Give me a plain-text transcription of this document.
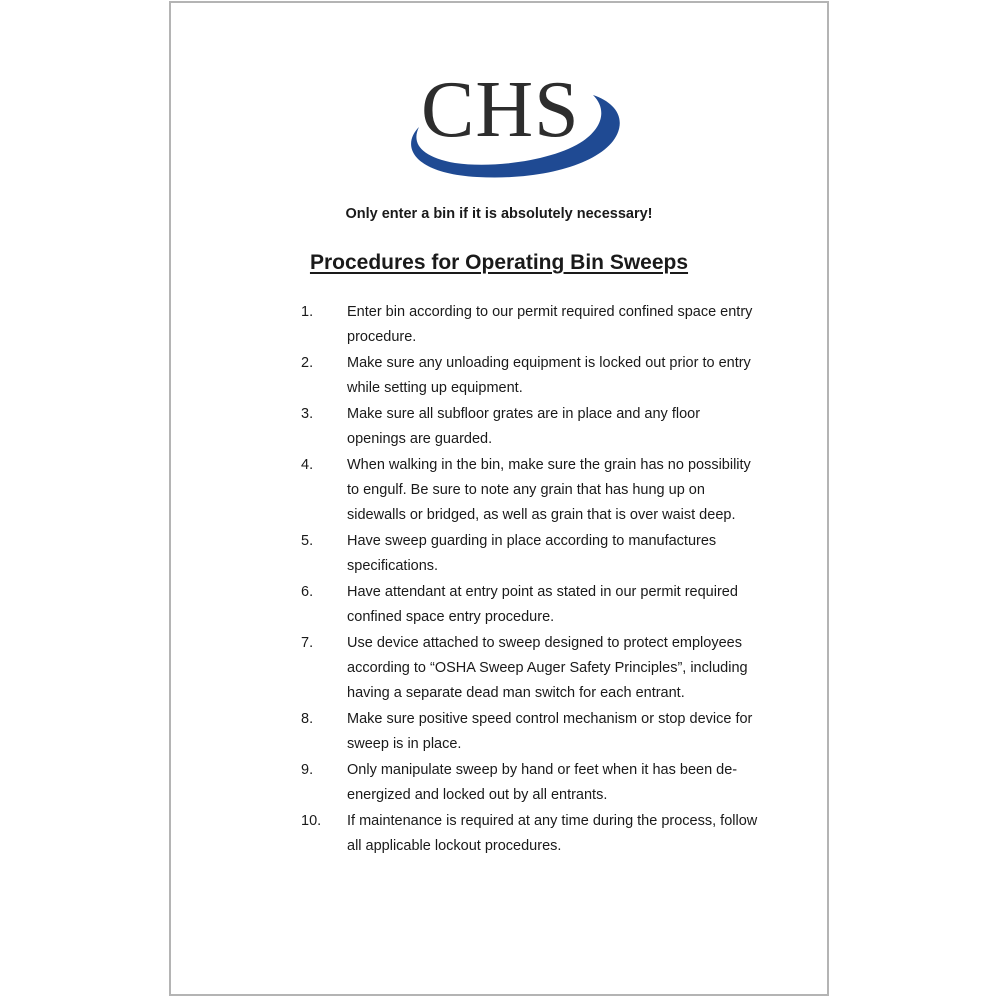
CHS

Only enter a bin if it is absolutely necessary!

Procedures for Operating Bin Sweeps

1.	Enter bin according to our permit required confined space entry procedure.
2.	Make sure any unloading equipment is locked out prior to entry while setting up equipment.
3.	Make sure all subfloor grates are in place and any floor openings are guarded.
4.	When walking in the bin, make sure the grain has no possibility to engulf. Be sure to note any grain that has hung up on sidewalls or bridged, as well as grain that is over waist deep.
5.	Have sweep guarding in place according to manufactures specifications.
6.	Have attendant at entry point as stated in our permit required confined space entry procedure.
7.	Use device attached to sweep designed to protect employees according to “OSHA Sweep Auger Safety Principles”, including having a separate dead man switch for each entrant.
8.	Make sure positive speed control mechanism or stop device for sweep is in place.
9.	Only manipulate sweep by hand or feet when it has been de-energized and locked out by all entrants.
10.	If maintenance is required at any time during the process, follow all applicable lockout procedures.
